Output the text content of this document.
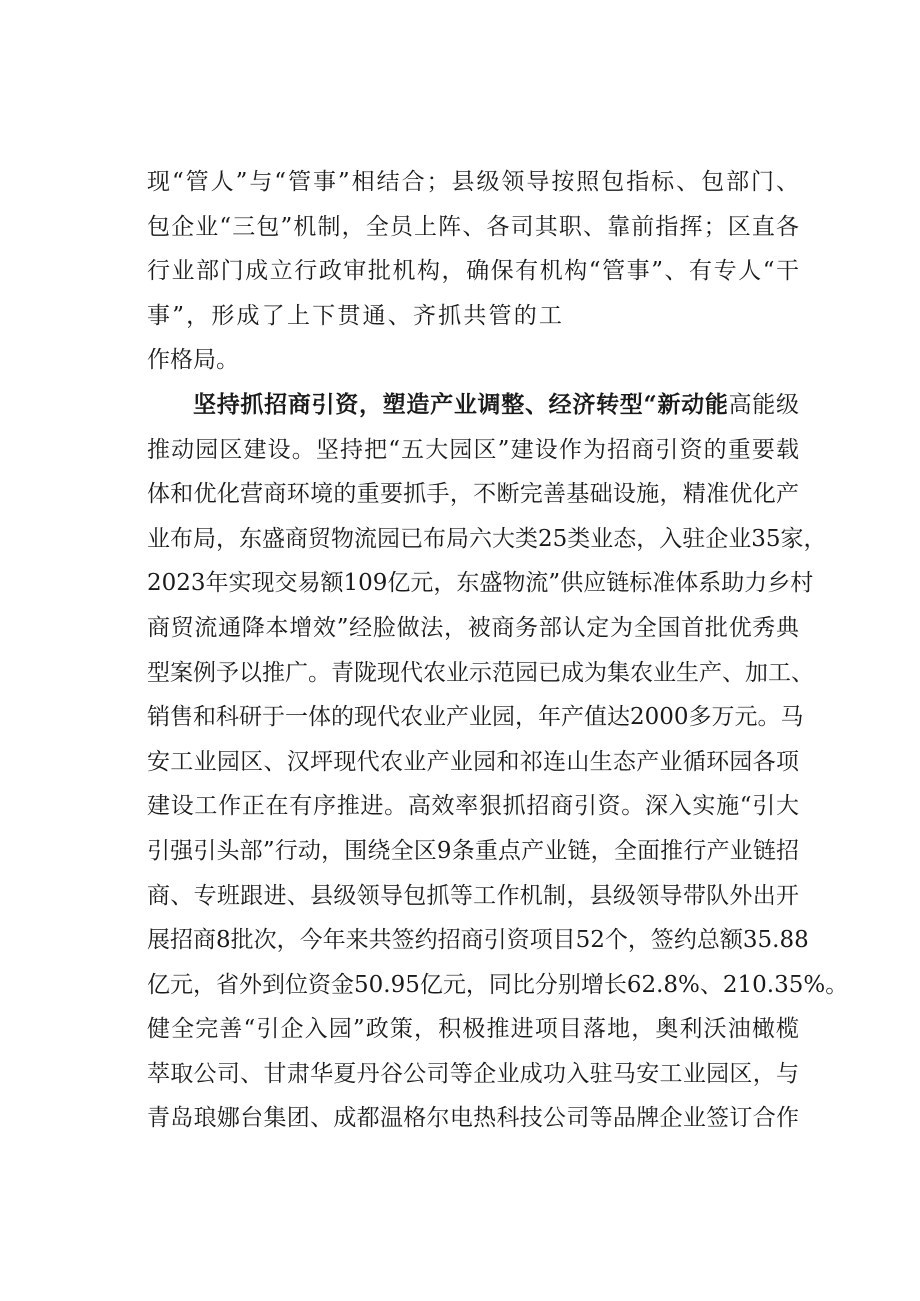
现“管人”与“管事”相结合；县级领导按照包指标、包部门、
包企业“三包”机制，全员上阵、各司其职、靠前指挥；区直各
行业部门成立行政审批机构，确保有机构“管事”、有专人“干
事”，形成了上下贯通、齐抓共管的工
作格局。
坚持抓招商引资，塑造产业调整、经济转型“新动能高能级
推动园区建设。坚持把“五大园区”建设作为招商引资的重要载
体和优化营商环境的重要抓手，不断完善基础设施，精准优化产
业布局，东盛商贸物流园已布局六大类25类业态，入驻企业35家，
2023年实现交易额109亿元，东盛物流”供应链标准体系助力乡村
商贸流通降本增效”经脸做法，被商务部认定为全国首批优秀典
型案例予以推广。青陇现代农业示范园已成为集农业生产、加工、
销售和科研于一体的现代农业产业园，年产值达2000多万元。马
安工业园区、汉坪现代农业产业园和祁连山生态产业循环园各项
建设工作正在有序推进。高效率狠抓招商引资。深入实施“引大
引强引头部”行动，围绕全区9条重点产业链，全面推行产业链招
商、专班跟进、县级领导包抓等工作机制，县级领导带队外出开
展招商8批次，今年来共签约招商引资项目52个，签约总额35.88
亿元，省外到位资金50.95亿元，同比分别增长62.8%、210.35%。
健全完善“引企入园”政策，积极推进项目落地，奥利沃油橄榄
萃取公司、甘肃华夏丹谷公司等企业成功入驻马安工业园区，与
青岛琅娜台集团、成都温格尔电热科技公司等品牌企业签订合作
